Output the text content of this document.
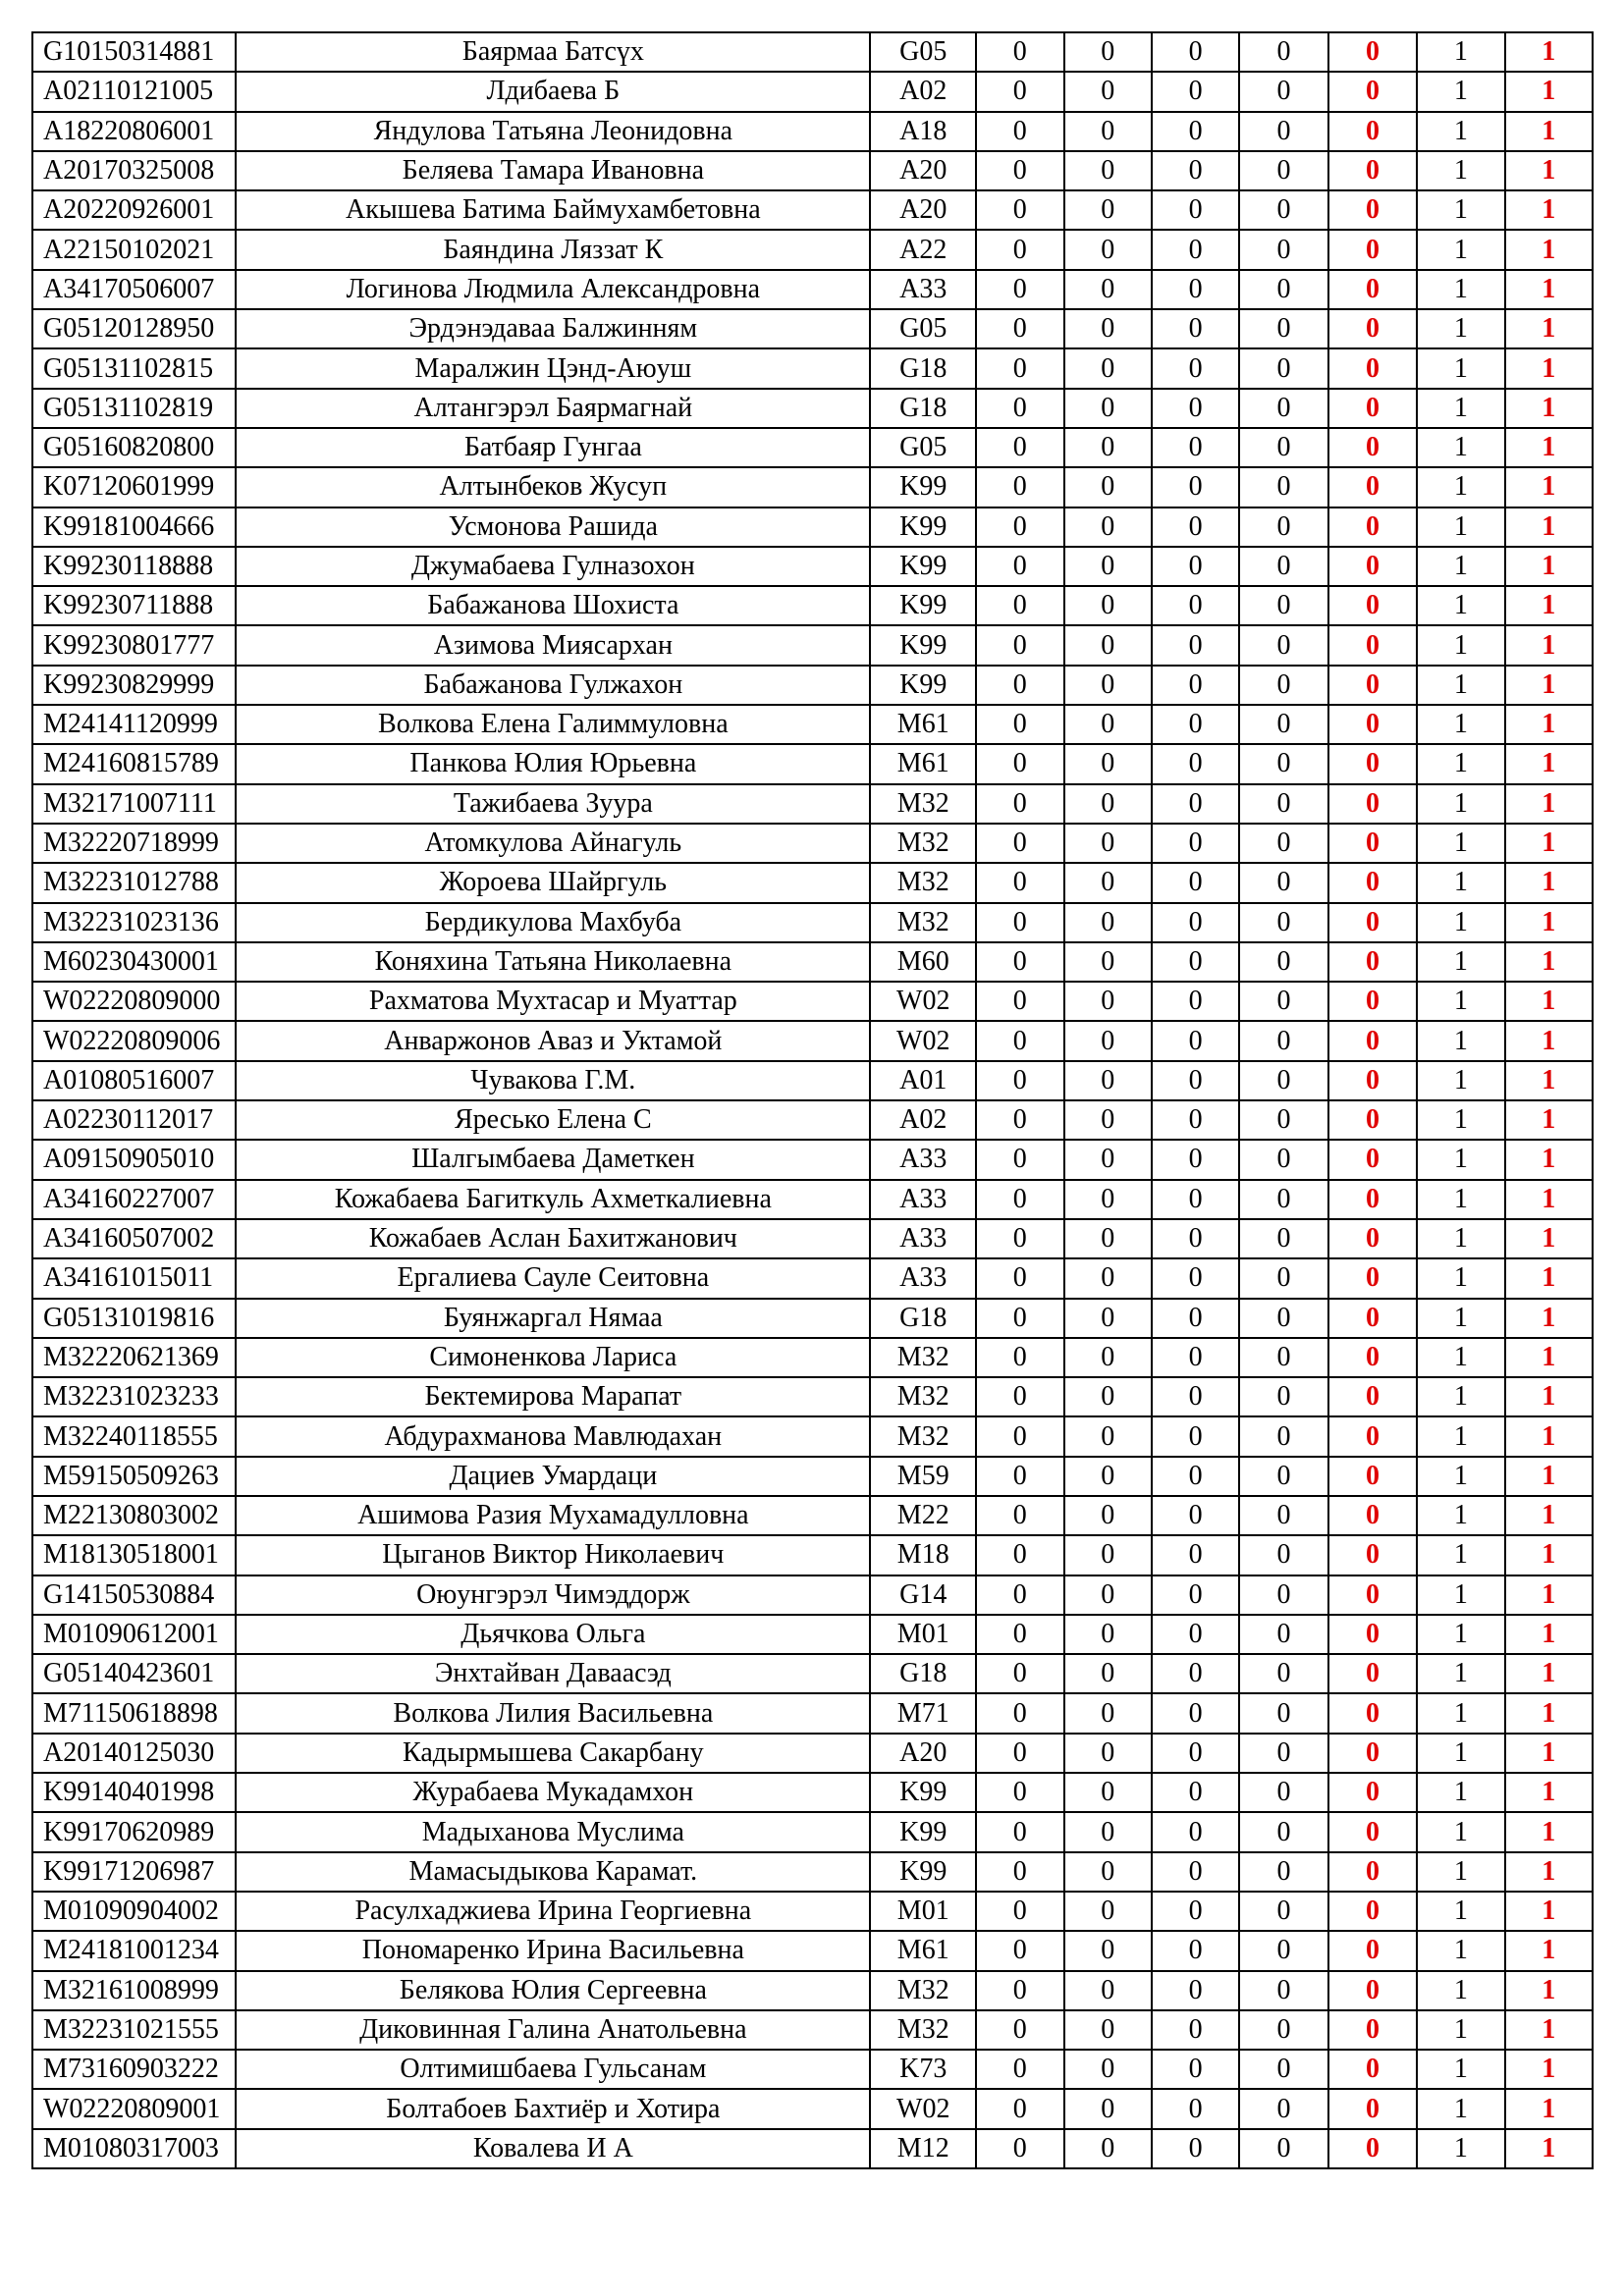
G10150314881	Баярмаа Батсүх	G05	0	0	0	0	0	1	1
A02110121005	Лдибаева Б	A02	0	0	0	0	0	1	1
A18220806001	Яндулова Татьяна Леонидовна	A18	0	0	0	0	0	1	1
A20170325008	Беляева Тамара Ивановна	A20	0	0	0	0	0	1	1
A20220926001	Акышева Батима Баймухамбетовна	A20	0	0	0	0	0	1	1
A22150102021	Баяндина Ляззат К	A22	0	0	0	0	0	1	1
A34170506007	Логинова Людмила Александровна	A33	0	0	0	0	0	1	1
G05120128950	Эрдэнэдаваа Балжинням	G05	0	0	0	0	0	1	1
G05131102815	Маралжин Цэнд-Аюуш	G18	0	0	0	0	0	1	1
G05131102819	Алтангэрэл Баярмагнай	G18	0	0	0	0	0	1	1
G05160820800	Батбаяр Гунгаа	G05	0	0	0	0	0	1	1
K07120601999	Алтынбеков Жусуп	K99	0	0	0	0	0	1	1
K99181004666	Усмонова Рашида	K99	0	0	0	0	0	1	1
K99230118888	Джумабаева Гулназохон	K99	0	0	0	0	0	1	1
K99230711888	Бабажанова Шохиста	K99	0	0	0	0	0	1	1
K99230801777	Азимова Миясархан	K99	0	0	0	0	0	1	1
K99230829999	Бабажанова Гулжахон	K99	0	0	0	0	0	1	1
M24141120999	Волкова Елена Галиммуловна	M61	0	0	0	0	0	1	1
M24160815789	Панкова Юлия Юрьевна	M61	0	0	0	0	0	1	1
M32171007111	Тажибаева Зуура	M32	0	0	0	0	0	1	1
M32220718999	Атомкулова Айнагуль	M32	0	0	0	0	0	1	1
M32231012788	Жороева Шайргуль	M32	0	0	0	0	0	1	1
M32231023136	Бердикулова Махбуба	M32	0	0	0	0	0	1	1
M60230430001	Коняхина Татьяна Николаевна	M60	0	0	0	0	0	1	1
W02220809000	Рахматова Мухтасар и Муаттар	W02	0	0	0	0	0	1	1
W02220809006	Анваржонов Аваз и Уктамой	W02	0	0	0	0	0	1	1
A01080516007	Чувакова Г.М.	A01	0	0	0	0	0	1	1
A02230112017	Яресько Елена С	A02	0	0	0	0	0	1	1
A09150905010	Шалгымбаева Даметкен	A33	0	0	0	0	0	1	1
A34160227007	Кожабаева Багиткуль Ахметкалиевна	A33	0	0	0	0	0	1	1
A34160507002	Кожабаев Аслан Бахитжанович	A33	0	0	0	0	0	1	1
A34161015011	Ергалиева Сауле Сеитовна	A33	0	0	0	0	0	1	1
G05131019816	Буянжаргал Нямаа	G18	0	0	0	0	0	1	1
M32220621369	Симоненкова Лариса	M32	0	0	0	0	0	1	1
M32231023233	Бектемирова Марапат	M32	0	0	0	0	0	1	1
M32240118555	Абдурахманова Мавлюдахан	M32	0	0	0	0	0	1	1
M59150509263	Дациев Умардаци	M59	0	0	0	0	0	1	1
M22130803002	Ашимова Разия Мухамадулловна	M22	0	0	0	0	0	1	1
M18130518001	Цыганов Виктор Николаевич	M18	0	0	0	0	0	1	1
G14150530884	Оюунгэрэл Чимэддорж	G14	0	0	0	0	0	1	1
M01090612001	Дьячкова Ольга	M01	0	0	0	0	0	1	1
G05140423601	Энхтайван Даваасэд	G18	0	0	0	0	0	1	1
M71150618898	Волкова Лилия Васильевна	M71	0	0	0	0	0	1	1
A20140125030	Кадырмышева Сакарбану	A20	0	0	0	0	0	1	1
K99140401998	Журабаева Мукадамхон	K99	0	0	0	0	0	1	1
K99170620989	Мадыханова Муслима	K99	0	0	0	0	0	1	1
K99171206987	Мамасыдыкова Карамат.	K99	0	0	0	0	0	1	1
M01090904002	Расулхаджиева Ирина Георгиевна	M01	0	0	0	0	0	1	1
M24181001234	Пономаренко Ирина Васильевна	M61	0	0	0	0	0	1	1
M32161008999	Белякова Юлия Сергеевна	M32	0	0	0	0	0	1	1
M32231021555	Диковинная Галина Анатольевна	M32	0	0	0	0	0	1	1
M73160903222	Олтимишбаева Гульсанам	K73	0	0	0	0	0	1	1
W02220809001	Болтабоев Бахтиёр и Хотира	W02	0	0	0	0	0	1	1
M01080317003	Ковалева И А	M12	0	0	0	0	0	1	1
